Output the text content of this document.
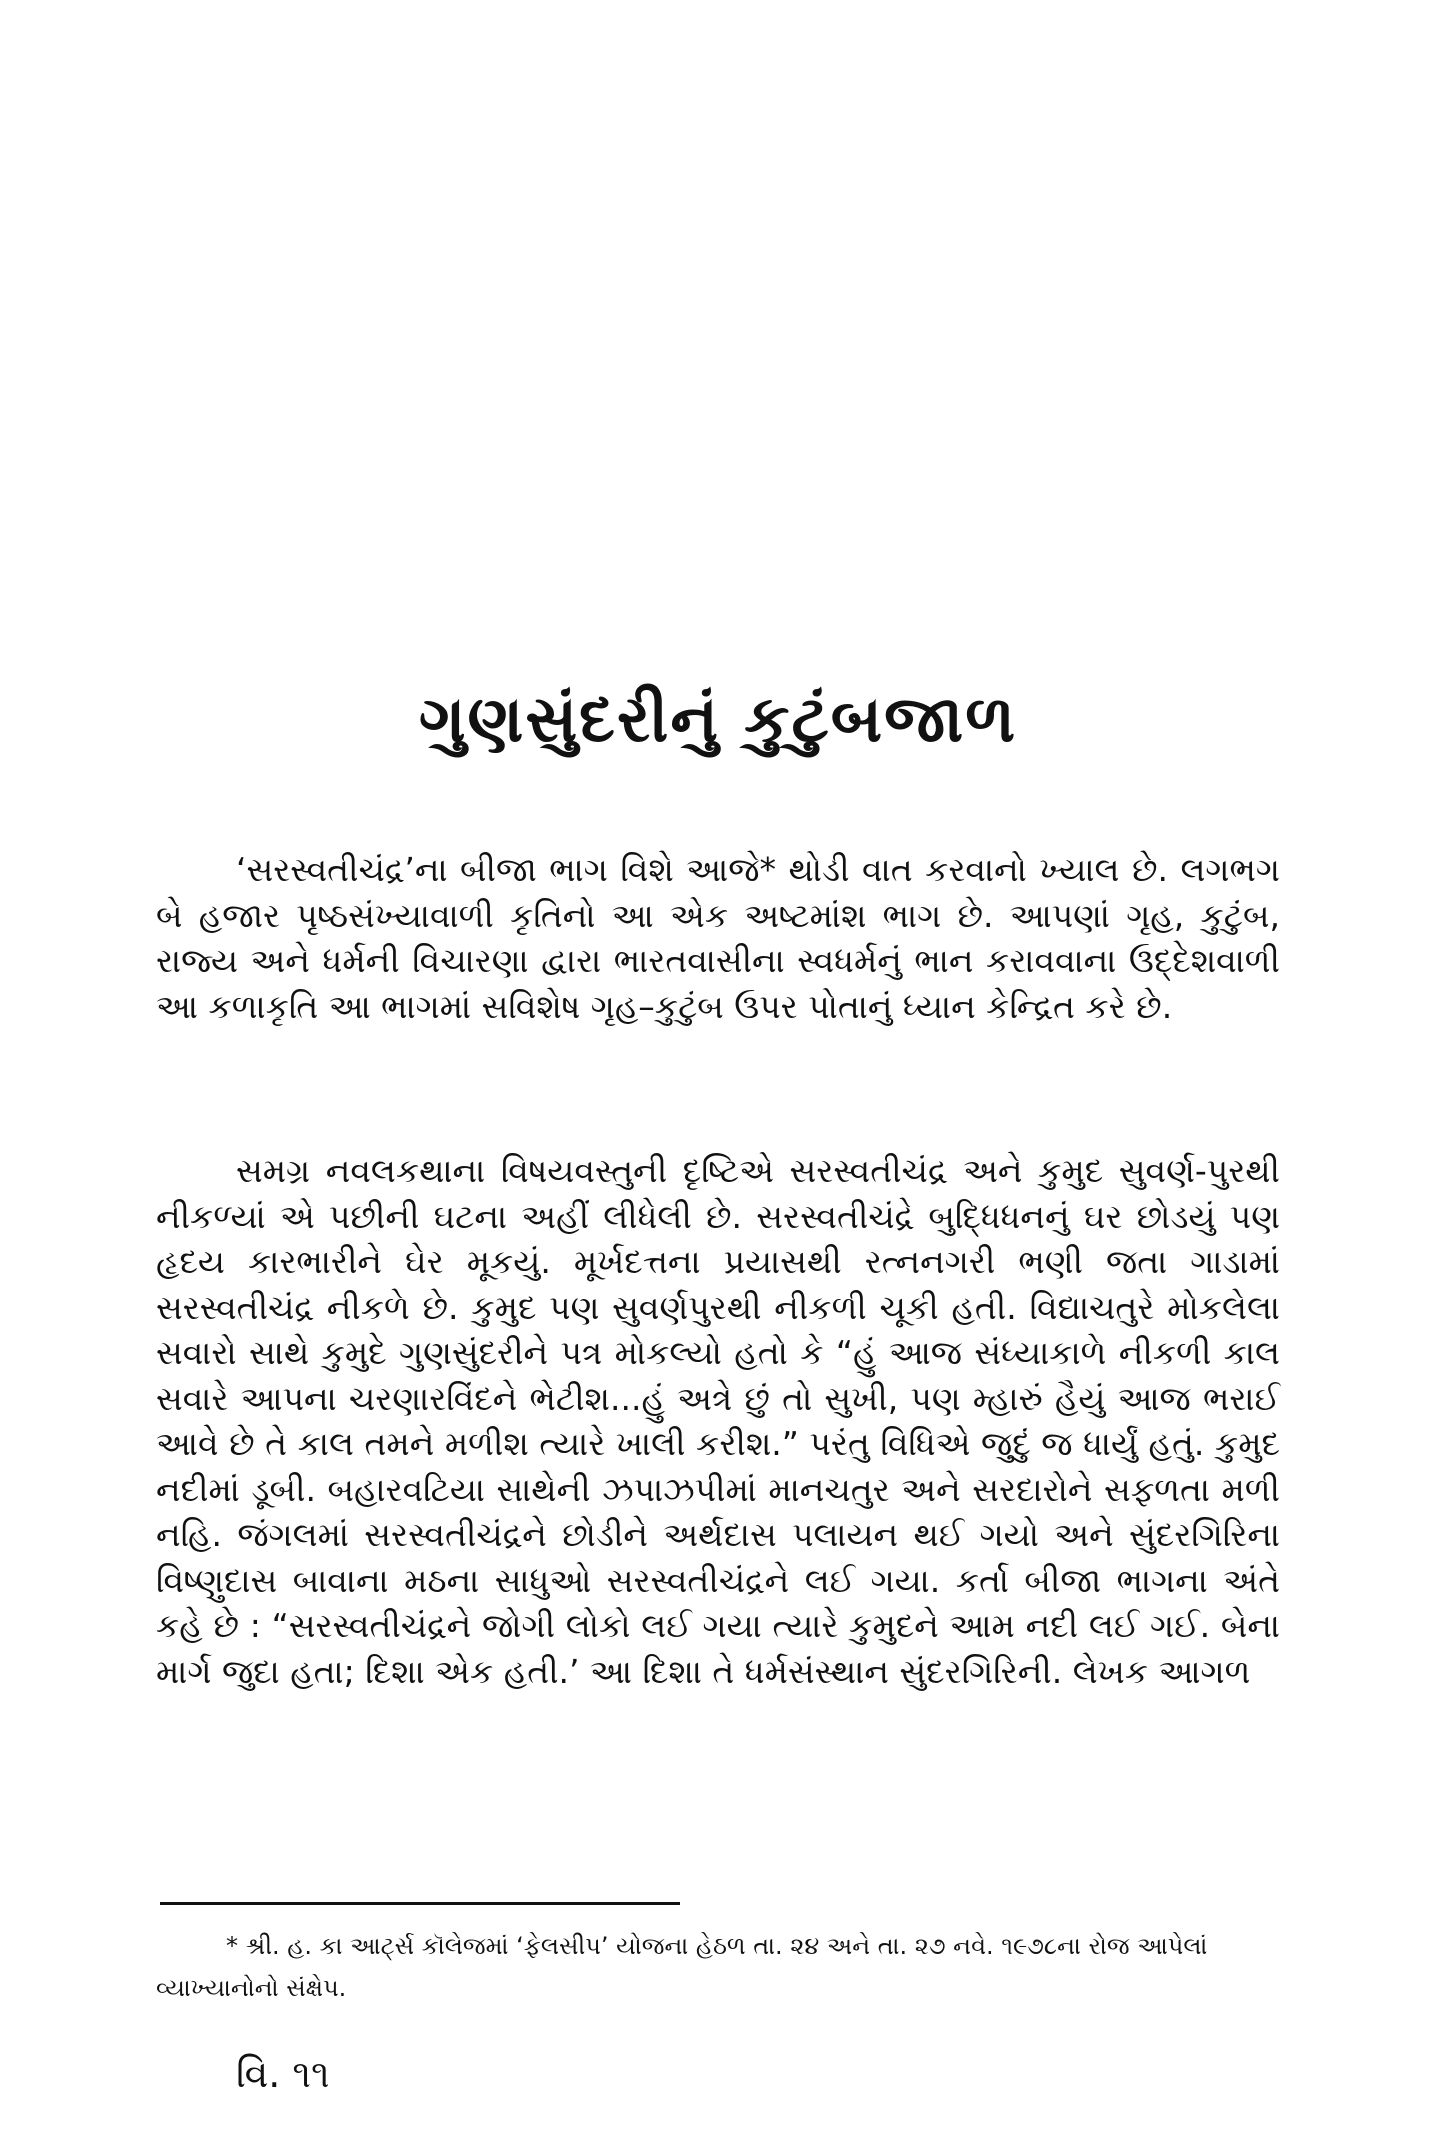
ગુણસુંદરીનું કુટુંબજાળ

‘સરસ્વતીચંદ્ર’ના બીજા ભાગ વિશે આજે* થોડી વાત કરવાનો ખ્યાલ છે. લગભગ બે હજાર પૃષ્ઠસંખ્યાવાળી કૃતિનો આ એક અષ્ટમાંશ ભાગ છે. આપણાં ગૃહ, કુટુંબ, રાજ્ય અને ધર્મની વિચારણા દ્વારા ભારતવાસીના સ્વધર્મનું ભાન કરાવવાના ઉદ્દેશવાળી આ કળાકૃતિ આ ભાગમાં સવિશેષ ગૃહ–કુટુંબ ઉપર પોતાનું ધ્યાન કેન્દ્રિત કરે છે.

સમગ્ર નવલકથાના વિષયવસ્તુની દૃષ્ટિએ સરસ્વતીચંદ્ર અને કુમુદ સુવર્ણ-પુરથી નીકળ્યાં એ પછીની ઘટના અહીં લીધેલી છે. સરસ્વતીચંદ્રે બુદ્ધિધનનું ઘર છોડયું પણ હૃદય કારભારીને ઘેર મૂકયું. મૂર્ખદત્તના પ્રયાસથી રત્નનગરી ભણી જતા ગાડામાં સરસ્વતીચંદ્ર નીકળે છે. કુમુદ પણ સુવર્ણપુરથી નીકળી ચૂકી હતી. વિદ્યાચતુરે મોકલેલા સવારો સાથે કુમુદે ગુણસુંદરીને પત્ર મોકલ્યો હતો કે “હું આજ સંધ્યાકાળે નીકળી કાલ સવારે આપના ચરણારવિંદને ભેટીશ...હું અત્રે છું તો સુખી, પણ મ્હારું હૈયું આજ ભરાઈ આવે છે તે કાલ તમને મળીશ ત્યારે ખાલી કરીશ.” પરંતુ વિધિએ જુદું જ ધાર્યું હતું. કુમુદ નદીમાં ડૂબી. બહારવટિયા સાથેની ઝપાઝપીમાં માનચતુર અને સરદારોને સફળતા મળી નહિ. જંગલમાં સરસ્વતીચંદ્રને છોડીને અર્થદાસ પલાયન થઈ ગયો અને સુંદરગિરિના વિષ્ણુદાસ બાવાના મઠના સાધુઓ સરસ્વતીચંદ્રને લઈ ગયા. કર્તા બીજા ભાગના અંતે કહે છે : “સરસ્વતીચંદ્રને જોગી લોકો લઈ ગયા ત્યારે કુમુદને આમ નદી લઈ ગઈ. બેના માર્ગ જુદા હતા; દિશા એક હતી.’ આ દિશા તે ધર્મસંસ્થાન સુંદરગિરિની. લેખક આગળ

* શ્રી. હ. કા આર્ટ્સ કૉલેજમાં ‘ફેલસીપ’ યોજના હેઠળ તા. ૨૪ અને તા. ૨૭ નવે. ૧૯૭૮ના રોજ આપેલાં વ્યાખ્યાનોનો સંક્ષેપ.

વિ. ૧૧
